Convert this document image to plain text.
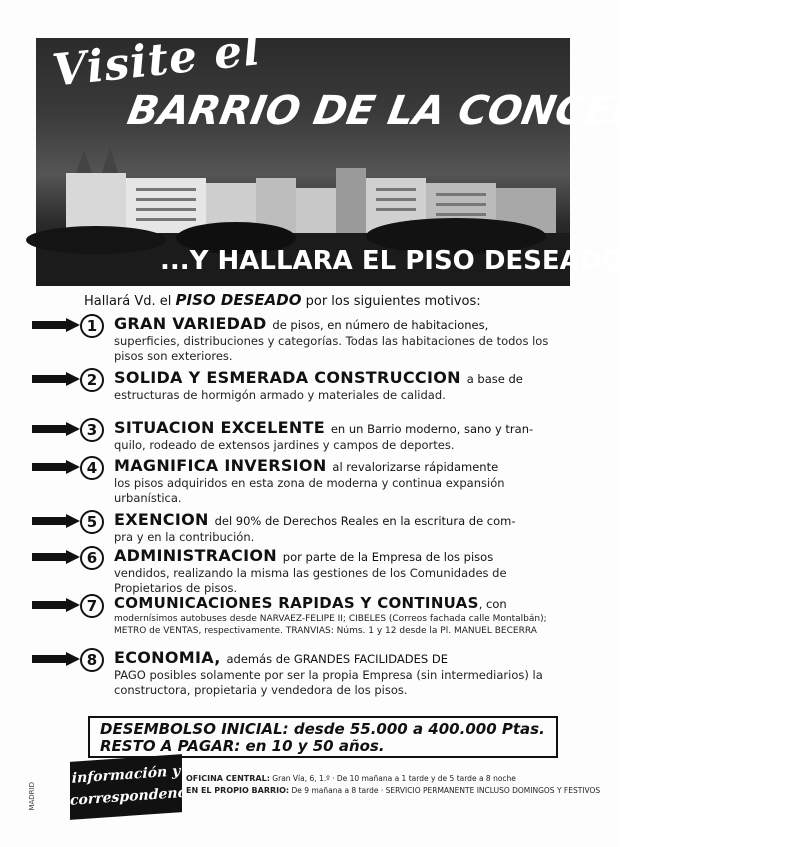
Visite el
BARRIO DE LA CONCEPCION...
...Y HALLARA EL PISO DESEADO
Hallará Vd. el PISO DESEADO por los siguientes motivos:
1	GRAN VARIEDAD de pisos, en número de habitaciones,
superficies, distribuciones y categorías. Todas las habitaciones de todos los pisos son exteriores.
2	SOLIDA Y ESMERADA CONSTRUCCION a base de
estructuras de hormigón armado y materiales de calidad.
3	SITUACION EXCELENTE en un Barrio moderno, sano y tran-
quilo, rodeado de extensos jardines y campos de deportes.
4	MAGNIFICA INVERSION al revalorizarse rápidamente
los pisos adquiridos en esta zona de moderna y continua expansión urbanística.
5	EXENCION del 90% de Derechos Reales en la escritura de com-
pra y en la contribución.
6	ADMINISTRACION por parte de la Empresa de los pisos
vendidos, realizando la misma las gestiones de los Comunidades de Propietarios de pisos.
7	COMUNICACIONES RAPIDAS Y CONTINUAS, con
modernísimos autobuses desde NARVAEZ-FELIPE II; CIBELES (Correos fachada calle Montalbán); METRO de VENTAS, respectivamente. TRANVIAS: Núms. 1 y 12 desde la Pl. MANUEL BECERRA
8	ECONOMIA, además de GRANDES FACILIDADES DE
PAGO posibles solamente por ser la propia Empresa (sin intermediarios) la constructora, propietaria y vendedora de los pisos.
DESEMBOLSO INICIAL: desde 55.000 a 400.000 Ptas.
RESTO A PAGAR: en 10 y 50 años.
información y
correspondencia
OFICINA CENTRAL: Gran Vía, 6, 1.º · De 10 mañana a 1 tarde y de 5 tarde a 8 noche
EN EL PROPIO BARRIO: De 9 mañana a 8 tarde · SERVICIO PERMANENTE INCLUSO DOMINGOS Y FESTIVOS
MADRID
